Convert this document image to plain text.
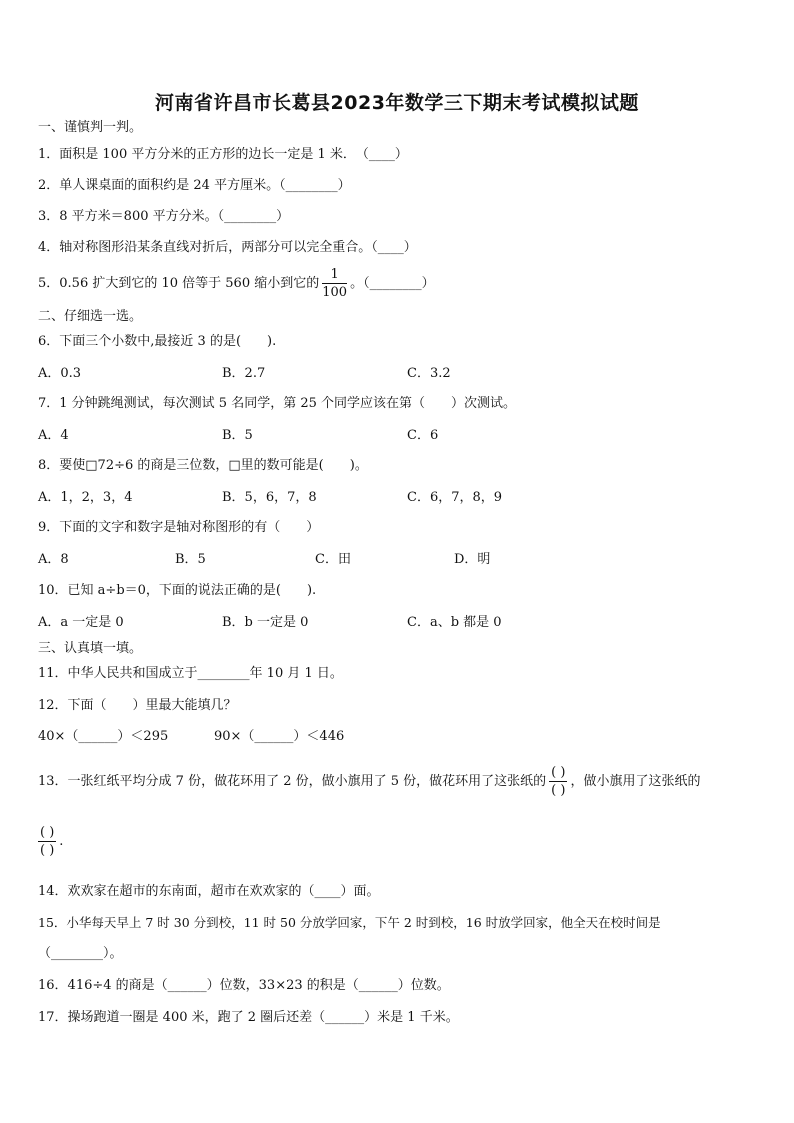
河南省许昌市长葛县2023年数学三下期末考试模拟试题
一、谨慎判一判。
1．面积是 100 平方分米的正方形的边长一定是 1 米．　（____）
2．单人课桌面的面积约是 24 平方厘米。（________）
3．8 平方米＝800 平方分米。（________）
4．轴对称图形沿某条直线对折后，两部分可以完全重合。（____）
5．0.56 扩大到它的 10 倍等于 560 缩小到它的 $\frac{1}{100}$ 。（________）
二、仔细选一选。
6．下面三个小数中,最接近 3 的是(　　).
A．0.3	B．2.7	C．3.2
7．1 分钟跳绳测试，每次测试 5 名同学，第 25 个同学应该在第（　　）次测试。
A．4	B．5	C．6
8．要使□72÷6 的商是三位数，□里的数可能是(　　)。
A．1，2，3，4	B．5，6，7，8	C．6，7，8，9
9．下面的文字和数字是轴对称图形的有（　　）
A．8	B．5	C．田	D．明
10．已知 a÷b＝0，下面的说法正确的是(　　).
A．a 一定是 0	B．b 一定是 0	C．a、b 都是 0
三、认真填一填。
11．中华人民共和国成立于________年 10 月 1 日。
12．下面（　　）里最大能填几？
40×（______）＜295	90×（______）＜446
13．一张红纸平均分成 7 份，做花环用了 2 份，做小旗用了 5 份，做花环用了这张纸的 $\frac{( )}{( )}$ ，做小旗用了这张纸的
$\frac{( )}{( )}$ .
14．欢欢家在超市的东南面，超市在欢欢家的（____）面。
15．小华每天早上 7 时 30 分到校，11 时 50 分放学回家，下午 2 时到校，16 时放学回家，他全天在校时间是
（________）。
16．416÷4 的商是（______）位数，33×23 的积是（______）位数。
17．操场跑道一圈是 400 米，跑了 2 圈后还差（______）米是 1 千米。
